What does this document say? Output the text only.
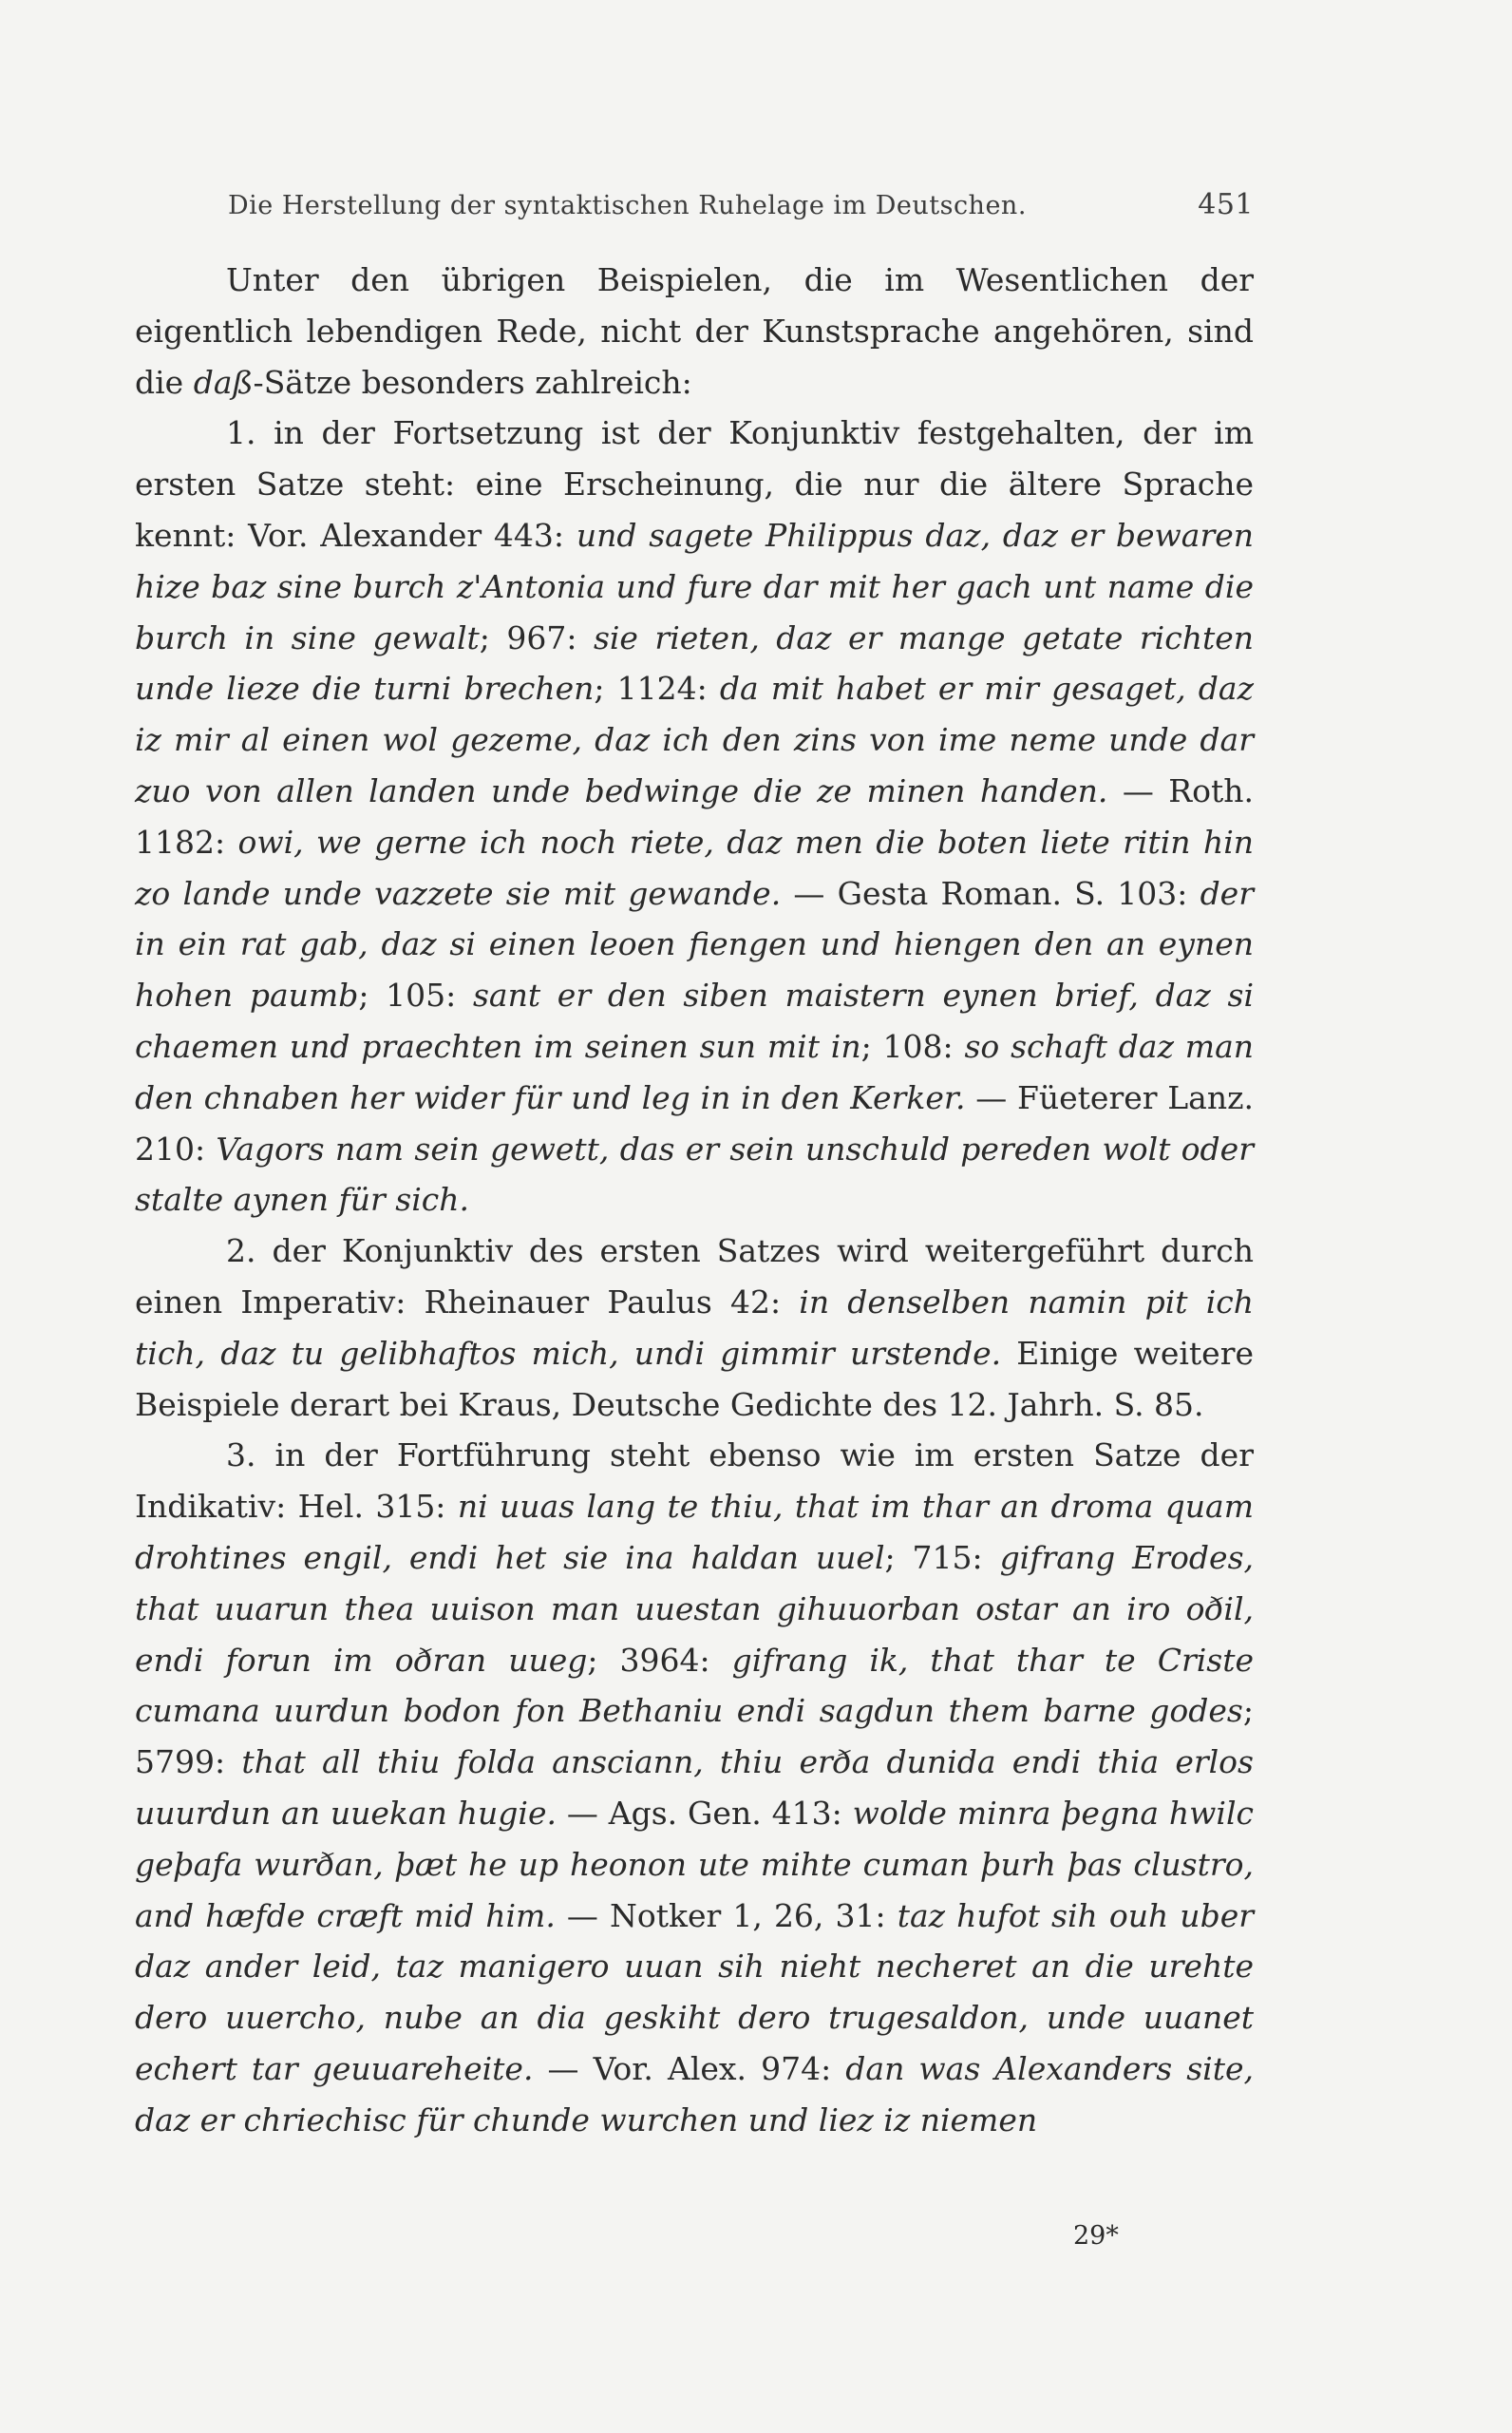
Die Herstellung der syntaktischen Ruhelage im Deutschen.	451

Unter den übrigen Beispielen, die im Wesentlichen der eigentlich lebendigen Rede, nicht der Kunstsprache angehören, sind die daß-Sätze besonders zahlreich:

1. in der Fortsetzung ist der Konjunktiv festgehalten, der im ersten Satze steht: eine Erscheinung, die nur die ältere Sprache kennt: Vor. Alexander 443: und sagete Philippus daz, daz er bewaren hize baz sine burch z'Antonia und fure dar mit her gach unt name die burch in sine gewalt; 967: sie rieten, daz er mange getate richten unde lieze die turni brechen; 1124: da mit habet er mir gesaget, daz iz mir al einen wol gezeme, daz ich den zins von ime neme unde dar zuo von allen landen unde bedwinge die ze minen handen. — Roth. 1182: owi, we gerne ich noch riete, daz men die boten liete ritin hin zo lande unde vazzete sie mit gewande. — Gesta Roman. S. 103: der in ein rat gab, daz si einen leoen fiengen und hiengen den an eynen hohen paumb; 105: sant er den siben maistern eynen brief, daz si chaemen und praechten im seinen sun mit in; 108: so schaft daz man den chnaben her wider für und leg in in den Kerker. — Füeterer Lanz. 210: Vagors nam sein gewett, das er sein unschuld pereden wolt oder stalte aynen für sich.

2. der Konjunktiv des ersten Satzes wird weitergeführt durch einen Imperativ: Rheinauer Paulus 42: in denselben namin pit ich tich, daz tu gelibhaftos mich, undi gimmir urstende. Einige weitere Beispiele derart bei Kraus, Deutsche Gedichte des 12. Jahrh. S. 85.

3. in der Fortführung steht ebenso wie im ersten Satze der Indikativ: Hel. 315: ni uuas lang te thiu, that im thar an droma quam drohtines engil, endi het sie ina haldan uuel; 715: gifrang Erodes, that uuarun thea uuison man uuestan gihuuorban ostar an iro oðil, endi forun im oðran uueg; 3964: gifrang ik, that thar te Criste cumana uurdun bodon fon Bethaniu endi sagdun them barne godes; 5799: that all thiu folda ansciann, thiu erða dunida endi thia erlos uuurdun an uuekan hugie. — Ags. Gen. 413: wolde minra þegna hwilc geþafa wurðan, þæt he up heonon ute mihte cuman þurh þas clustro, and hæfde cræft mid him. — Notker 1, 26, 31: taz hufot sih ouh uber daz ander leid, taz manigero uuan sih nieht necheret an die urehte dero uuercho, nube an dia geskiht dero trugesaldon, unde uuanet echert tar geuuareheite. — Vor. Alex. 974: dan was Alexanders site, daz er chriechisc für chunde wurchen und liez iz niemen

29*
